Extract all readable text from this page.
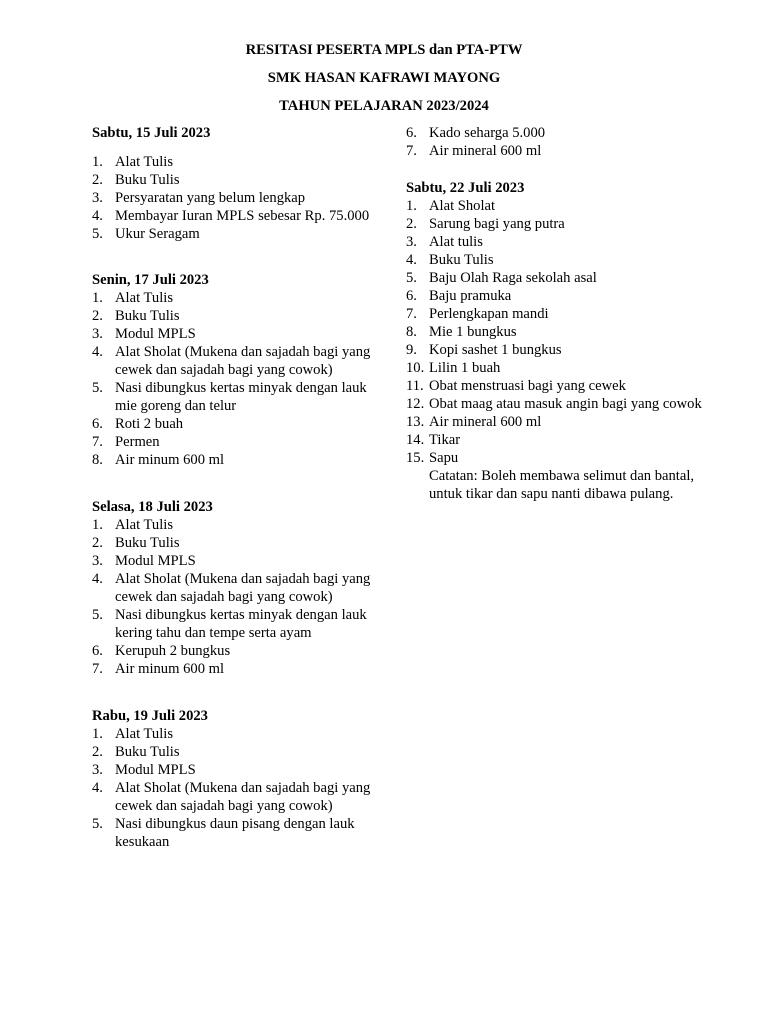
RESITASI PESERTA MPLS dan PTA-PTW
SMK HASAN KAFRAWI MAYONG
TAHUN PELAJARAN 2023/2024
Sabtu, 15 Juli 2023
1. Alat Tulis
2. Buku Tulis
3. Persyaratan yang belum lengkap
4. Membayar Iuran MPLS sebesar Rp. 75.000
5. Ukur Seragam
Senin, 17 Juli 2023
1. Alat Tulis
2. Buku Tulis
3. Modul MPLS
4. Alat Sholat (Mukena dan sajadah bagi yang cewek dan sajadah bagi yang cowok)
5. Nasi dibungkus kertas minyak dengan lauk mie goreng dan telur
6. Roti 2 buah
7. Permen
8. Air minum 600 ml
Selasa, 18 Juli 2023
1. Alat Tulis
2. Buku Tulis
3. Modul MPLS
4. Alat Sholat (Mukena dan sajadah bagi yang cewek dan sajadah bagi yang cowok)
5. Nasi dibungkus kertas minyak dengan lauk kering tahu dan tempe serta ayam
6. Kerupuh 2 bungkus
7. Air minum 600 ml
Rabu, 19 Juli 2023
1. Alat Tulis
2. Buku Tulis
3. Modul MPLS
4. Alat Sholat (Mukena dan sajadah bagi yang cewek dan sajadah bagi yang cowok)
5. Nasi dibungkus daun pisang dengan lauk kesukaan
6. Kado seharga 5.000
7. Air mineral 600 ml
Sabtu, 22 Juli 2023
1. Alat Sholat
2. Sarung bagi yang putra
3. Alat tulis
4. Buku Tulis
5. Baju Olah Raga sekolah asal
6. Baju pramuka
7. Perlengkapan mandi
8. Mie 1 bungkus
9. Kopi sashet 1 bungkus
10. Lilin 1 buah
11. Obat menstruasi bagi yang cewek
12. Obat maag atau masuk angin bagi yang cowok
13. Air mineral 600 ml
14. Tikar
15. Sapu
Catatan: Boleh membawa selimut dan bantal, untuk tikar dan sapu nanti dibawa pulang.
